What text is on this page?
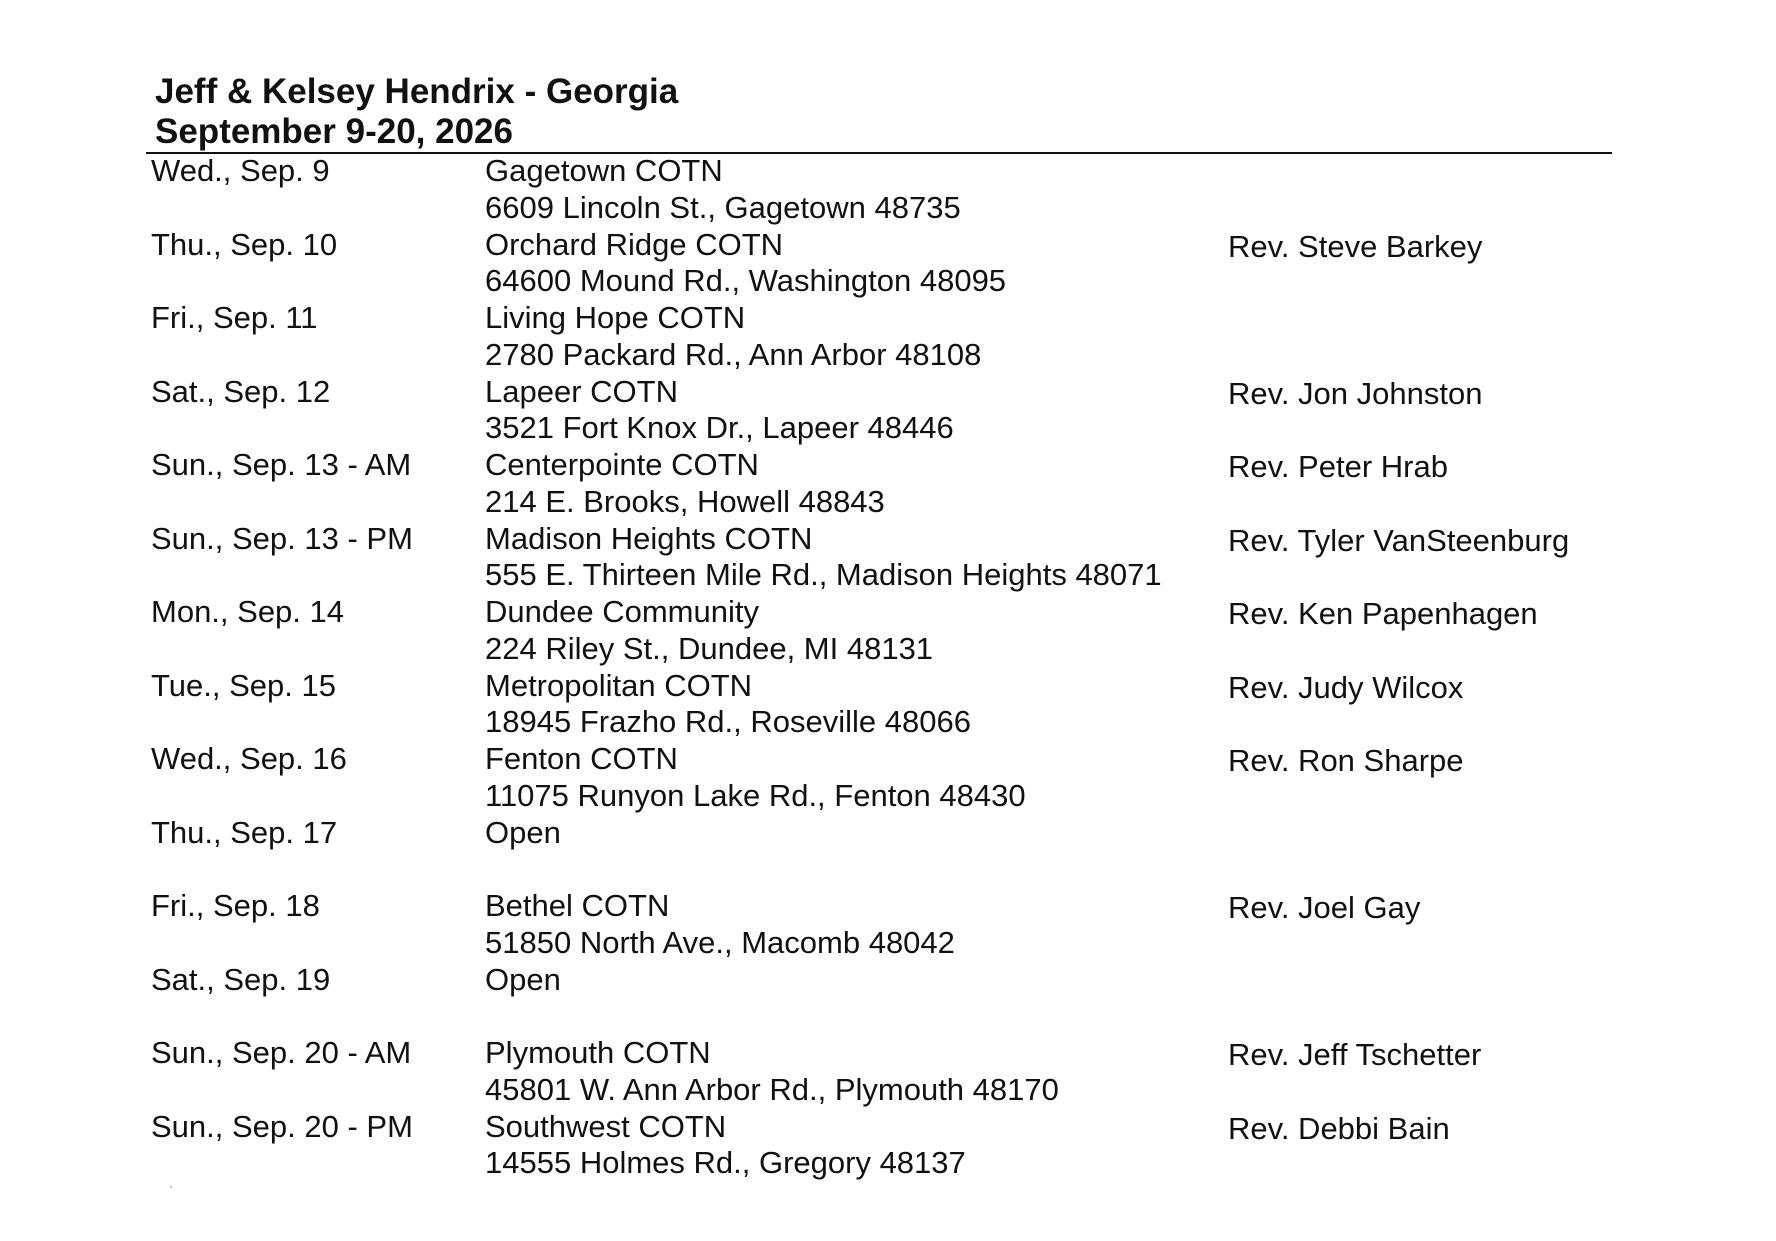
Jeff & Kelsey Hendrix - Georgia
September 9-20, 2026
Wed., Sep. 9	Gagetown COTN
6609 Lincoln St., Gagetown 48735
Thu., Sep. 10	Orchard Ridge COTN
64600 Mound Rd., Washington 48095
Rev. Steve Barkey
Fri., Sep. 11	Living Hope COTN
2780 Packard Rd., Ann Arbor 48108
Sat., Sep. 12	Lapeer COTN
3521 Fort Knox Dr., Lapeer 48446
Rev. Jon Johnston
Sun., Sep. 13 - AM Centerpointe COTN
214 E. Brooks, Howell 48843
Rev. Peter Hrab
Sun., Sep. 13 - PM Madison Heights COTN
555 E. Thirteen Mile Rd., Madison Heights 48071
Rev. Tyler VanSteenburg
Mon., Sep. 14	Dundee Community
224 Riley St., Dundee, MI 48131
Rev. Ken Papenhagen
Tue., Sep. 15	Metropolitan COTN
18945 Frazho Rd., Roseville 48066
Rev. Judy Wilcox
Wed., Sep. 16	Fenton COTN
11075 Runyon Lake Rd., Fenton 48430
Rev. Ron Sharpe
Thu., Sep. 17	Open
Fri., Sep. 18	Bethel COTN
51850 North Ave., Macomb 48042
Rev. Joel Gay
Sat., Sep. 19	Open
Sun., Sep. 20 - AM Plymouth COTN
45801 W. Ann Arbor Rd., Plymouth 48170
Rev. Jeff Tschetter
Sun., Sep. 20 - PM Southwest COTN
14555 Holmes Rd., Gregory 48137
Rev. Debbi Bain
